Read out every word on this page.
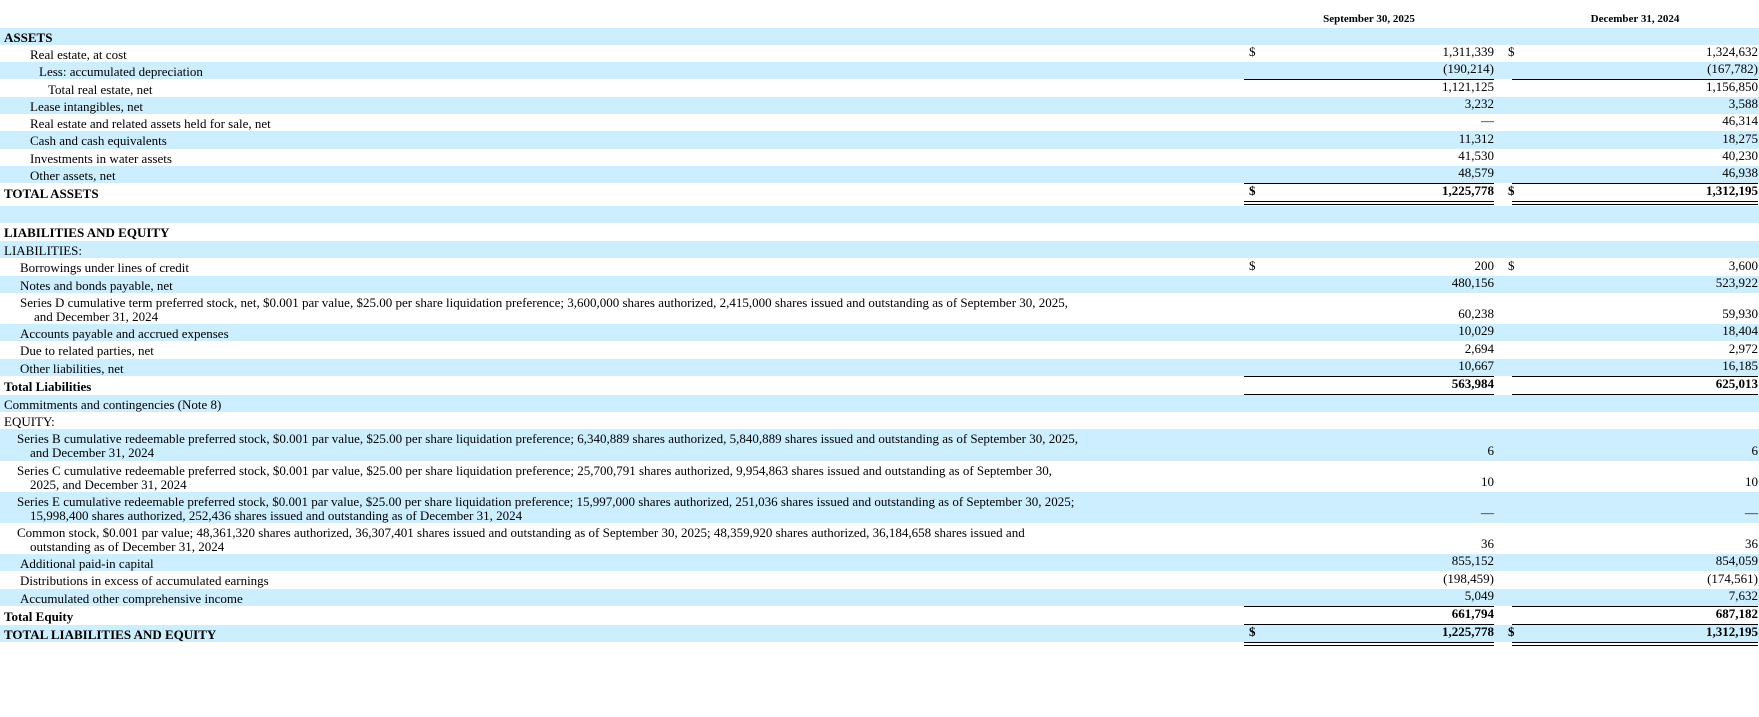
September 30, 2025	December 31, 2024
ASSETS
Real estate, at cost	$	1,311,339 $	1,324,632
Less: accumulated depreciation	(190,214)	(167,782)
Total real estate, net	1,121,125	1,156,850
Lease intangibles, net	3,232	3,588
Real estate and related assets held for sale, net	—	46,314
Cash and cash equivalents	11,312	18,275
Investments in water assets	41,530	40,230
Other assets, net	48,579	46,938
TOTAL ASSETS	$	1,225,778 $	1,312,195
LIABILITIES AND EQUITY
LIABILITIES:
Borrowings under lines of credit	$	200 $	3,600
Notes and bonds payable, net	480,156	523,922
Series D cumulative term preferred stock, net, $0.001 par value, $25.00 per share liquidation preference; 3,600,000 shares authorized, 2,415,000 shares issued and outstanding as of September 30, 2025,
and December 31, 2024	60,238	59,930
Accounts payable and accrued expenses	10,029	18,404
Due to related parties, net	2,694	2,972
Other liabilities, net	10,667	16,185
Total Liabilities	563,984	625,013
Commitments and contingencies (Note 8)
EQUITY:
Series B cumulative redeemable preferred stock, $0.001 par value, $25.00 per share liquidation preference; 6,340,889 shares authorized, 5,840,889 shares issued and outstanding as of September 30, 2025,
and December 31, 2024	6	6
Series C cumulative redeemable preferred stock, $0.001 par value, $25.00 per share liquidation preference; 25,700,791 shares authorized, 9,954,863 shares issued and outstanding as of September 30,
2025, and December 31, 2024	10	10
Series E cumulative redeemable preferred stock, $0.001 par value, $25.00 per share liquidation preference; 15,997,000 shares authorized, 251,036 shares issued and outstanding as of September 30, 2025;
15,998,400 shares authorized, 252,436 shares issued and outstanding as of December 31, 2024	—	—
Common stock, $0.001 par value; 48,361,320 shares authorized, 36,307,401 shares issued and outstanding as of September 30, 2025; 48,359,920 shares authorized, 36,184,658 shares issued and
outstanding as of December 31, 2024	36	36
Additional paid-in capital	855,152	854,059
Distributions in excess of accumulated earnings	(198,459)	(174,561)
Accumulated other comprehensive income	5,049	7,632
Total Equity	661,794	687,182
TOTAL LIABILITIES AND EQUITY	$	1,225,778 $	1,312,195
